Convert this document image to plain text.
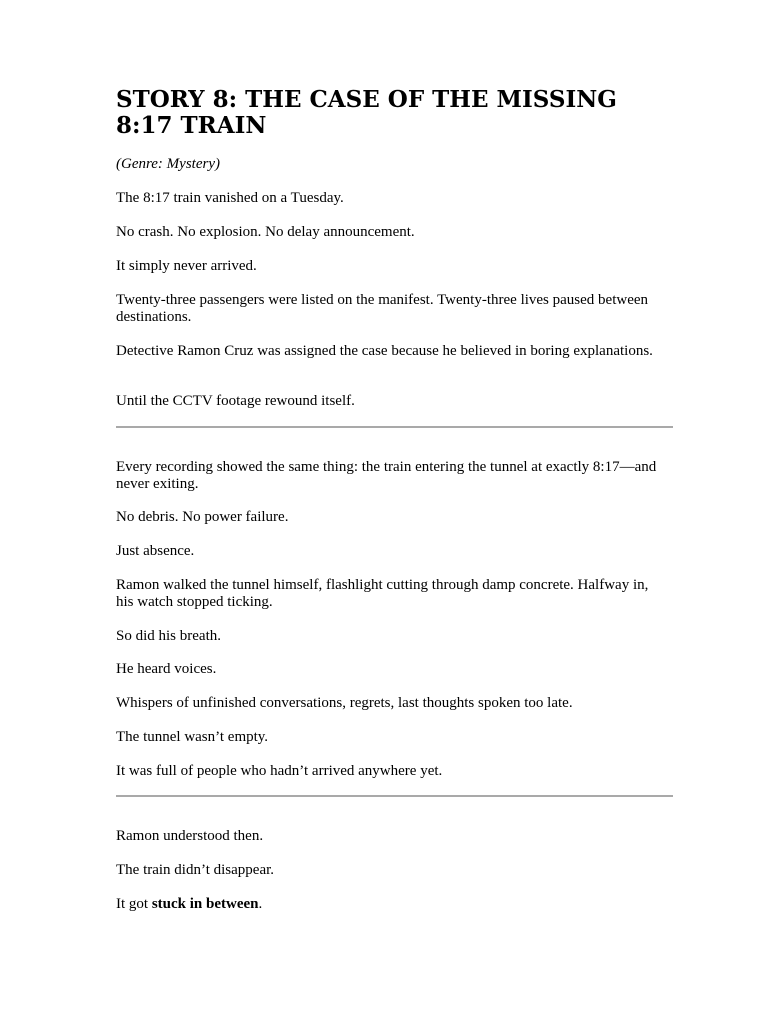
STORY 8: THE CASE OF THE MISSING 8:17 TRAIN

(Genre: Mystery)

The 8:17 train vanished on a Tuesday.

No crash. No explosion. No delay announcement.

It simply never arrived.

Twenty-three passengers were listed on the manifest. Twenty-three lives paused between destinations.

Detective Ramon Cruz was assigned the case because he believed in boring explanations.

Until the CCTV footage rewound itself.

Every recording showed the same thing: the train entering the tunnel at exactly 8:17—and never exiting.

No debris. No power failure.

Just absence.

Ramon walked the tunnel himself, flashlight cutting through damp concrete. Halfway in, his watch stopped ticking.

So did his breath.

He heard voices.

Whispers of unfinished conversations, regrets, last thoughts spoken too late.

The tunnel wasn’t empty.

It was full of people who hadn’t arrived anywhere yet.

Ramon understood then.

The train didn’t disappear.

It got stuck in between.
